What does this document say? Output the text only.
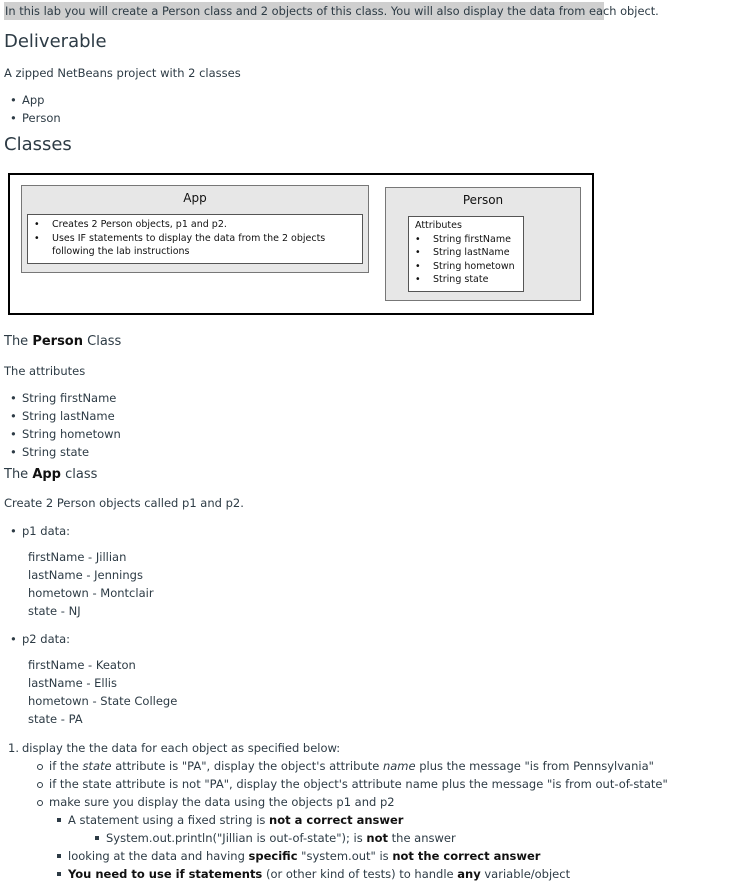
In this lab you will create a Person class and 2 objects of this class. You will also display the data from each object.
Deliverable

A zipped NetBeans project with 2 classes

• App
• Person
Classes
App
• Creates 2 Person objects, p1 and p2.
• Uses IF statements to display the data from the 2 objects
following the lab instructions
Person
Attributes
• String firstName
• String lastName
• String hometown
• String state
The Person Class

The attributes

• String firstName
• String lastName
• String hometown
• String state
The App class

Create 2 Person objects called p1 and p2.

• p1 data:
firstName - Jillian
lastName - Jennings
hometown - Montclair
state - NJ
• p2 data:
firstName - Keaton
lastName - Ellis
hometown - State College
state - PA
1. display the the data for each object as specified below:
if the state attribute is "PA", display the object's attribute name plus the message "is from Pennsylvania"
if the state attribute is not "PA", display the object's attribute name plus the message "is from out-of-state"
make sure you display the data using the objects p1 and p2
A statement using a fixed string is not a correct answer
System.out.println("Jillian is out-of-state"); is not the answer
looking at the data and having specific "system.out" is not the correct answer
You need to use if statements (or other kind of tests) to handle any variable/object
